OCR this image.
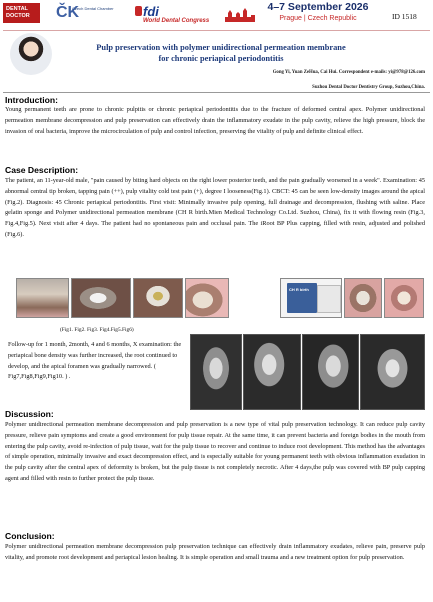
DENTAL DOCTOR	ČK
Czech Dental Chamber fdi
World Dental Congress
4–7 September 2026
Prague | Czech Republic	ID 1518
Pulp preservation with polymer unidirectional permeation membrane
for chronic periapical periodontitis
Gong Yi, Yuan ZeHua, Cai Hui. Correspondent e-mails: yi@978@126.com
Suzhou Dental Doctor Dentistry Group, Suzhou,China.
Introduction:
Young permanent teeth are prone to chronic pulpitis or chronic periapical periodontitis due to the fracture of deformed central apex. Polymer unidirectional permeation membrane decompression and pulp preservation can effectively drain the inflammatory exudate in the pulp cavity, relieve the high pressure, block the invasion of oral bacteria, improve the microcirculation of pulp and control infection, preserving the vitality of pulp and definite clinical effect.
Case Description:
The patient, an 11-year-old male, "pain caused by biting hard objects on the right lower posterior teeth, and the pain gradually worsened in a week". Examination: 45 abnormal central tip broken, tapping pain (++), pulp vitality cold test pain (+), degree I looseness(Fig.1). CBCT: 45 can be seen low-density images around the apical (Fig.2). Diagnosis: 45 Chronic periapical periodontitis. First visit: Minimally invasive pulp opening, full drainage and decompression, flushing with saline. Place gelatin sponge and Polymer unidirectional permeation membrane (CH R birth.Mien Medical Technology Co.Ltd. Suzhou, China), fix it with flowing resin (Fig.3, Fig.4,Fig.5). Next visit after 4 days. The patient had no spontaneous pain and occlusal pain. The iRoot BP Plus capping, filled with resin, adjusted and polished (Fig.6).
CH R birth
(Fig1. Fig2. Fig3. Fig4.Fig5.Fig6)
Follow-up for 1 month, 2month, 4 and 6 months, X examination: the periapical bone density was further increased, the root continued to develop, and the apical foramen was gradually narrowed. ( Fig7,Fig8,Fig9,Fig10. ) .
Discussion:
Polymer unidirectional permeation membrane decompression and pulp preservation is a new type of vital pulp preservation technology. It can reduce pulp cavity pressure, relieve pain symptoms and create a good environment for pulp tissue repair. At the same time, it can prevent bacteria and foreign bodies in the mouth from entering the pulp cavity, avoid re-infection of pulp tissue, wait for the pulp tissue to recover and continue to induce root development. This method has the advantages of simple operation, minimally invasive and exact decompression effect, and is especially suitable for young permanent teeth with obvious inflammation exudation in the pulp cavity after the central apex of deformity is broken, but the pulp tissue is not completely necrotic. After 4 days,the pulp was covered with BP pulp capping agent and filled with resin to further protect the pulp tissue.
Conclusion:
Polymer unidirectional permeation membrane decompression pulp preservation technique can effectively drain inflammatory exudates, relieve pain, preserve pulp vitality, and promote root development and periapical lesion healing. It is simple operation and small trauma and a new treatment option for pulp preservation.
